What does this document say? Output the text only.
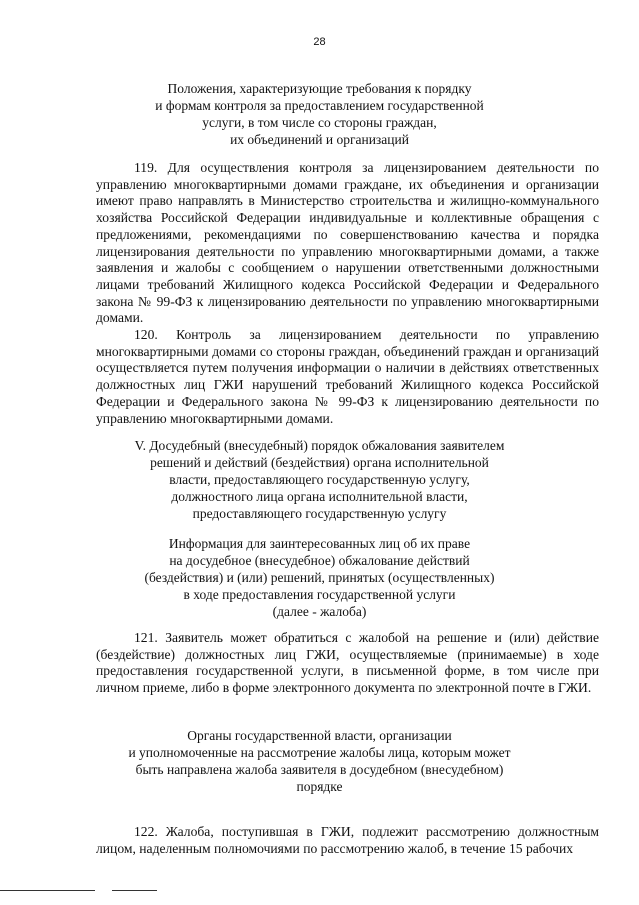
28
Положения, характеризующие требования к порядку
и формам контроля за предоставлением государственной
услуги, в том числе со стороны граждан,
их объединений и организаций

119. Для осуществления контроля за лицензированием деятельности по управлению многоквартирными домами граждане, их объединения и организации имеют право направлять в Министерство строительства и жилищно-коммунального хозяйства Российской Федерации индивидуальные и коллективные обращения с предложениями, рекомендациями по совершенствованию качества и порядка лицензирования деятельности по управлению многоквартирными домами, а также заявления и жалобы с сообщением о нарушении ответственными должностными лицами требований Жилищного кодекса Российской Федерации и Федерального закона № 99-ФЗ к лицензированию деятельности по управлению многоквартирными домами.

120. Контроль за лицензированием деятельности по управлению многоквартирными домами со стороны граждан, объединений граждан и организаций осуществляется путем получения информации о наличии в действиях ответственных должностных лиц ГЖИ нарушений требований Жилищного кодекса Российской Федерации и Федерального закона № 99-ФЗ к лицензированию деятельности по управлению многоквартирными домами.

V. Досудебный (внесудебный) порядок обжалования заявителем
решений и действий (бездействия) органа исполнительной
власти, предоставляющего государственную услугу,
должностного лица органа исполнительной власти,
предоставляющего государственную услугу
Информация для заинтересованных лиц об их праве
на досудебное (внесудебное) обжалование действий
(бездействия) и (или) решений, принятых (осуществленных)
в ходе предоставления государственной услуги
(далее - жалоба)

121. Заявитель может обратиться с жалобой на решение и (или) действие (бездействие) должностных лиц ГЖИ, осуществляемые (принимаемые) в ходе предоставления государственной услуги, в письменной форме, в том числе при личном приеме, либо в форме электронного документа по электронной почте в ГЖИ.

Органы государственной власти, организации
и уполномоченные на рассмотрение жалобы лица, которым может
быть направлена жалоба заявителя в досудебном (внесудебном)
порядке

122. Жалоба, поступившая в ГЖИ, подлежит рассмотрению должностным лицом, наделенным полномочиями по рассмотрению жалоб, в течение 15 рабочих
